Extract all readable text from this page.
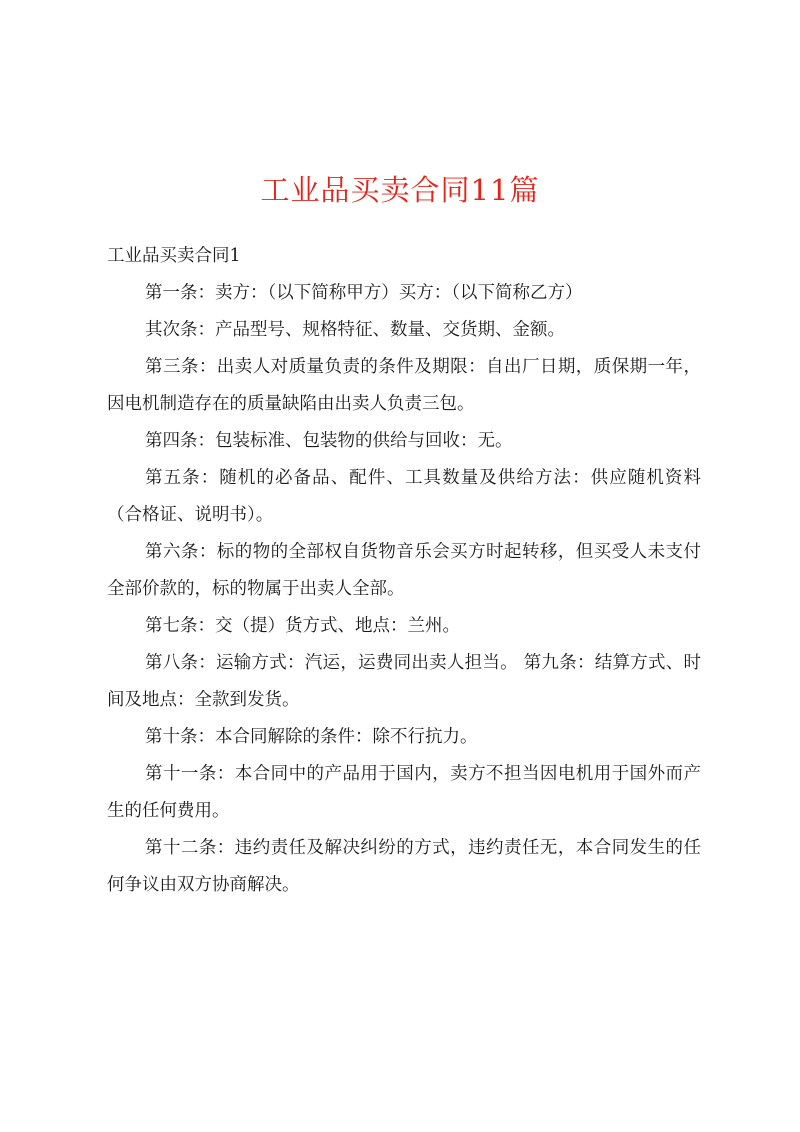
工业品买卖合同11篇

工业品买卖合同1

第一条：卖方：（以下简称甲方）买方：（以下简称乙方）

其次条：产品型号、规格特征、数量、交货期、金额。

第三条：出卖人对质量负责的条件及期限：自出厂日期，质保期一年，因电机制造存在的质量缺陷由出卖人负责三包。

第四条：包装标准、包装物的供给与回收：无。

第五条：随机的必备品、配件、工具数量及供给方法：供应随机资料（合格证、说明书）。

第六条：标的物的全部权自货物音乐会买方时起转移，但买受人未支付全部价款的，标的物属于出卖人全部。

第七条：交（提）货方式、地点：兰州。

第八条：运输方式：汽运，运费同出卖人担当。 第九条：结算方式、时间及地点：全款到发货。

第十条：本合同解除的条件：除不行抗力。

第十一条：本合同中的产品用于国内，卖方不担当因电机用于国外而产生的任何费用。

第十二条：违约责任及解决纠纷的方式，违约责任无，本合同发生的任何争议由双方协商解决。
